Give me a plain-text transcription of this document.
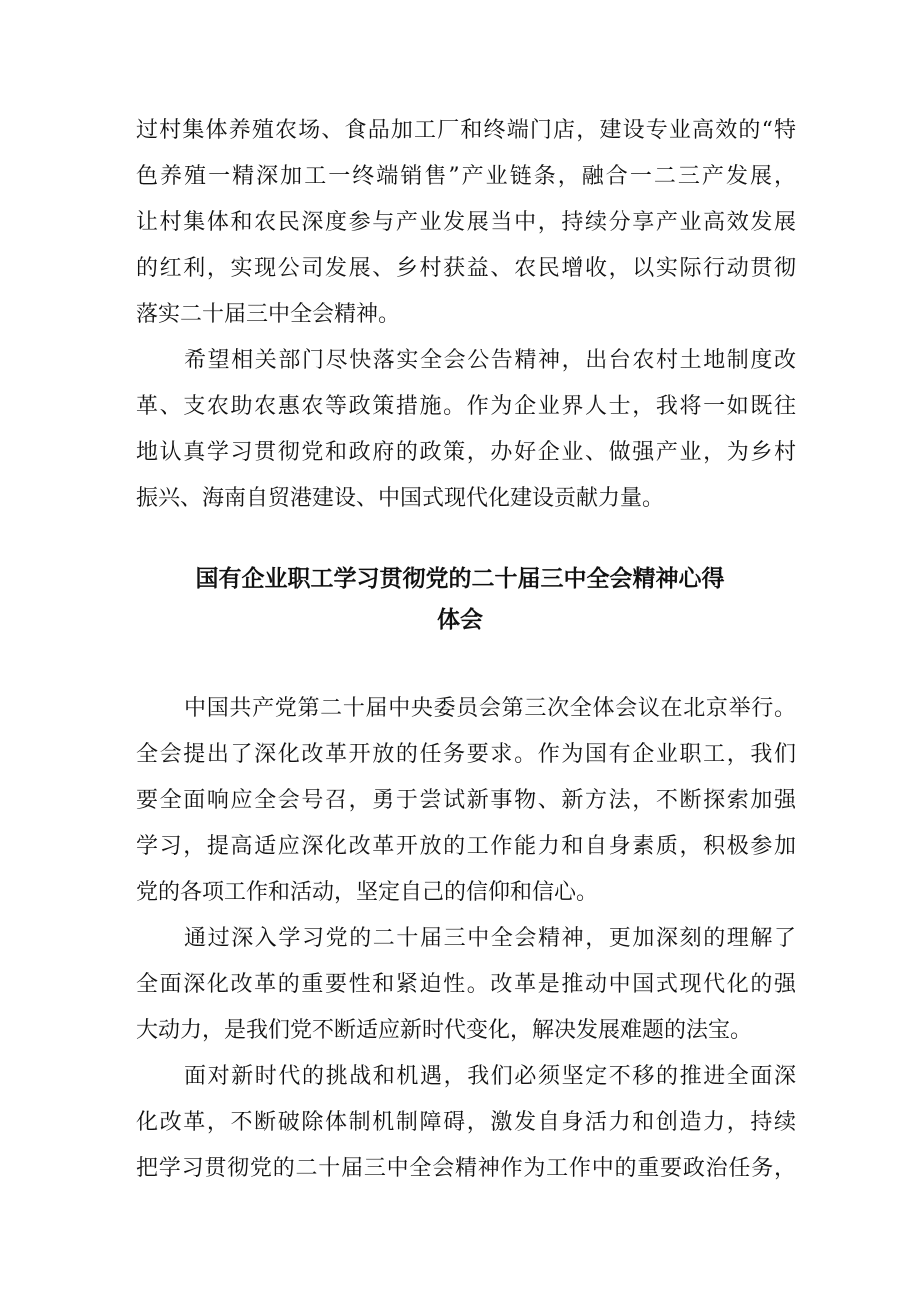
过村集体养殖农场、食品加工厂和终端门店，建设专业高效的“特
色养殖一精深加工一终端销售”产业链条，融合一二三产发展，
让村集体和农民深度参与产业发展当中，持续分享产业高效发展
的红利，实现公司发展、乡村获益、农民增收，以实际行动贯彻
落实二十届三中全会精神。
希望相关部门尽快落实全会公告精神，出台农村土地制度改
革、支农助农惠农等政策措施。作为企业界人士，我将一如既往
地认真学习贯彻党和政府的政策，办好企业、做强产业，为乡村
振兴、海南自贸港建设、中国式现代化建设贡献力量。
国有企业职工学习贯彻党的二十届三中全会精神心得
体会
中国共产党第二十届中央委员会第三次全体会议在北京举行。
全会提出了深化改革开放的任务要求。作为国有企业职工，我们
要全面响应全会号召，勇于尝试新事物、新方法，不断探索加强
学习，提高适应深化改革开放的工作能力和自身素质，积极参加
党的各项工作和活动，坚定自己的信仰和信心。
通过深入学习党的二十届三中全会精神，更加深刻的理解了
全面深化改革的重要性和紧迫性。改革是推动中国式现代化的强
大动力，是我们党不断适应新时代变化，解决发展难题的法宝。
面对新时代的挑战和机遇，我们必须坚定不移的推进全面深
化改革，不断破除体制机制障碍，激发自身活力和创造力，持续
把学习贯彻党的二十届三中全会精神作为工作中的重要政治任务，
